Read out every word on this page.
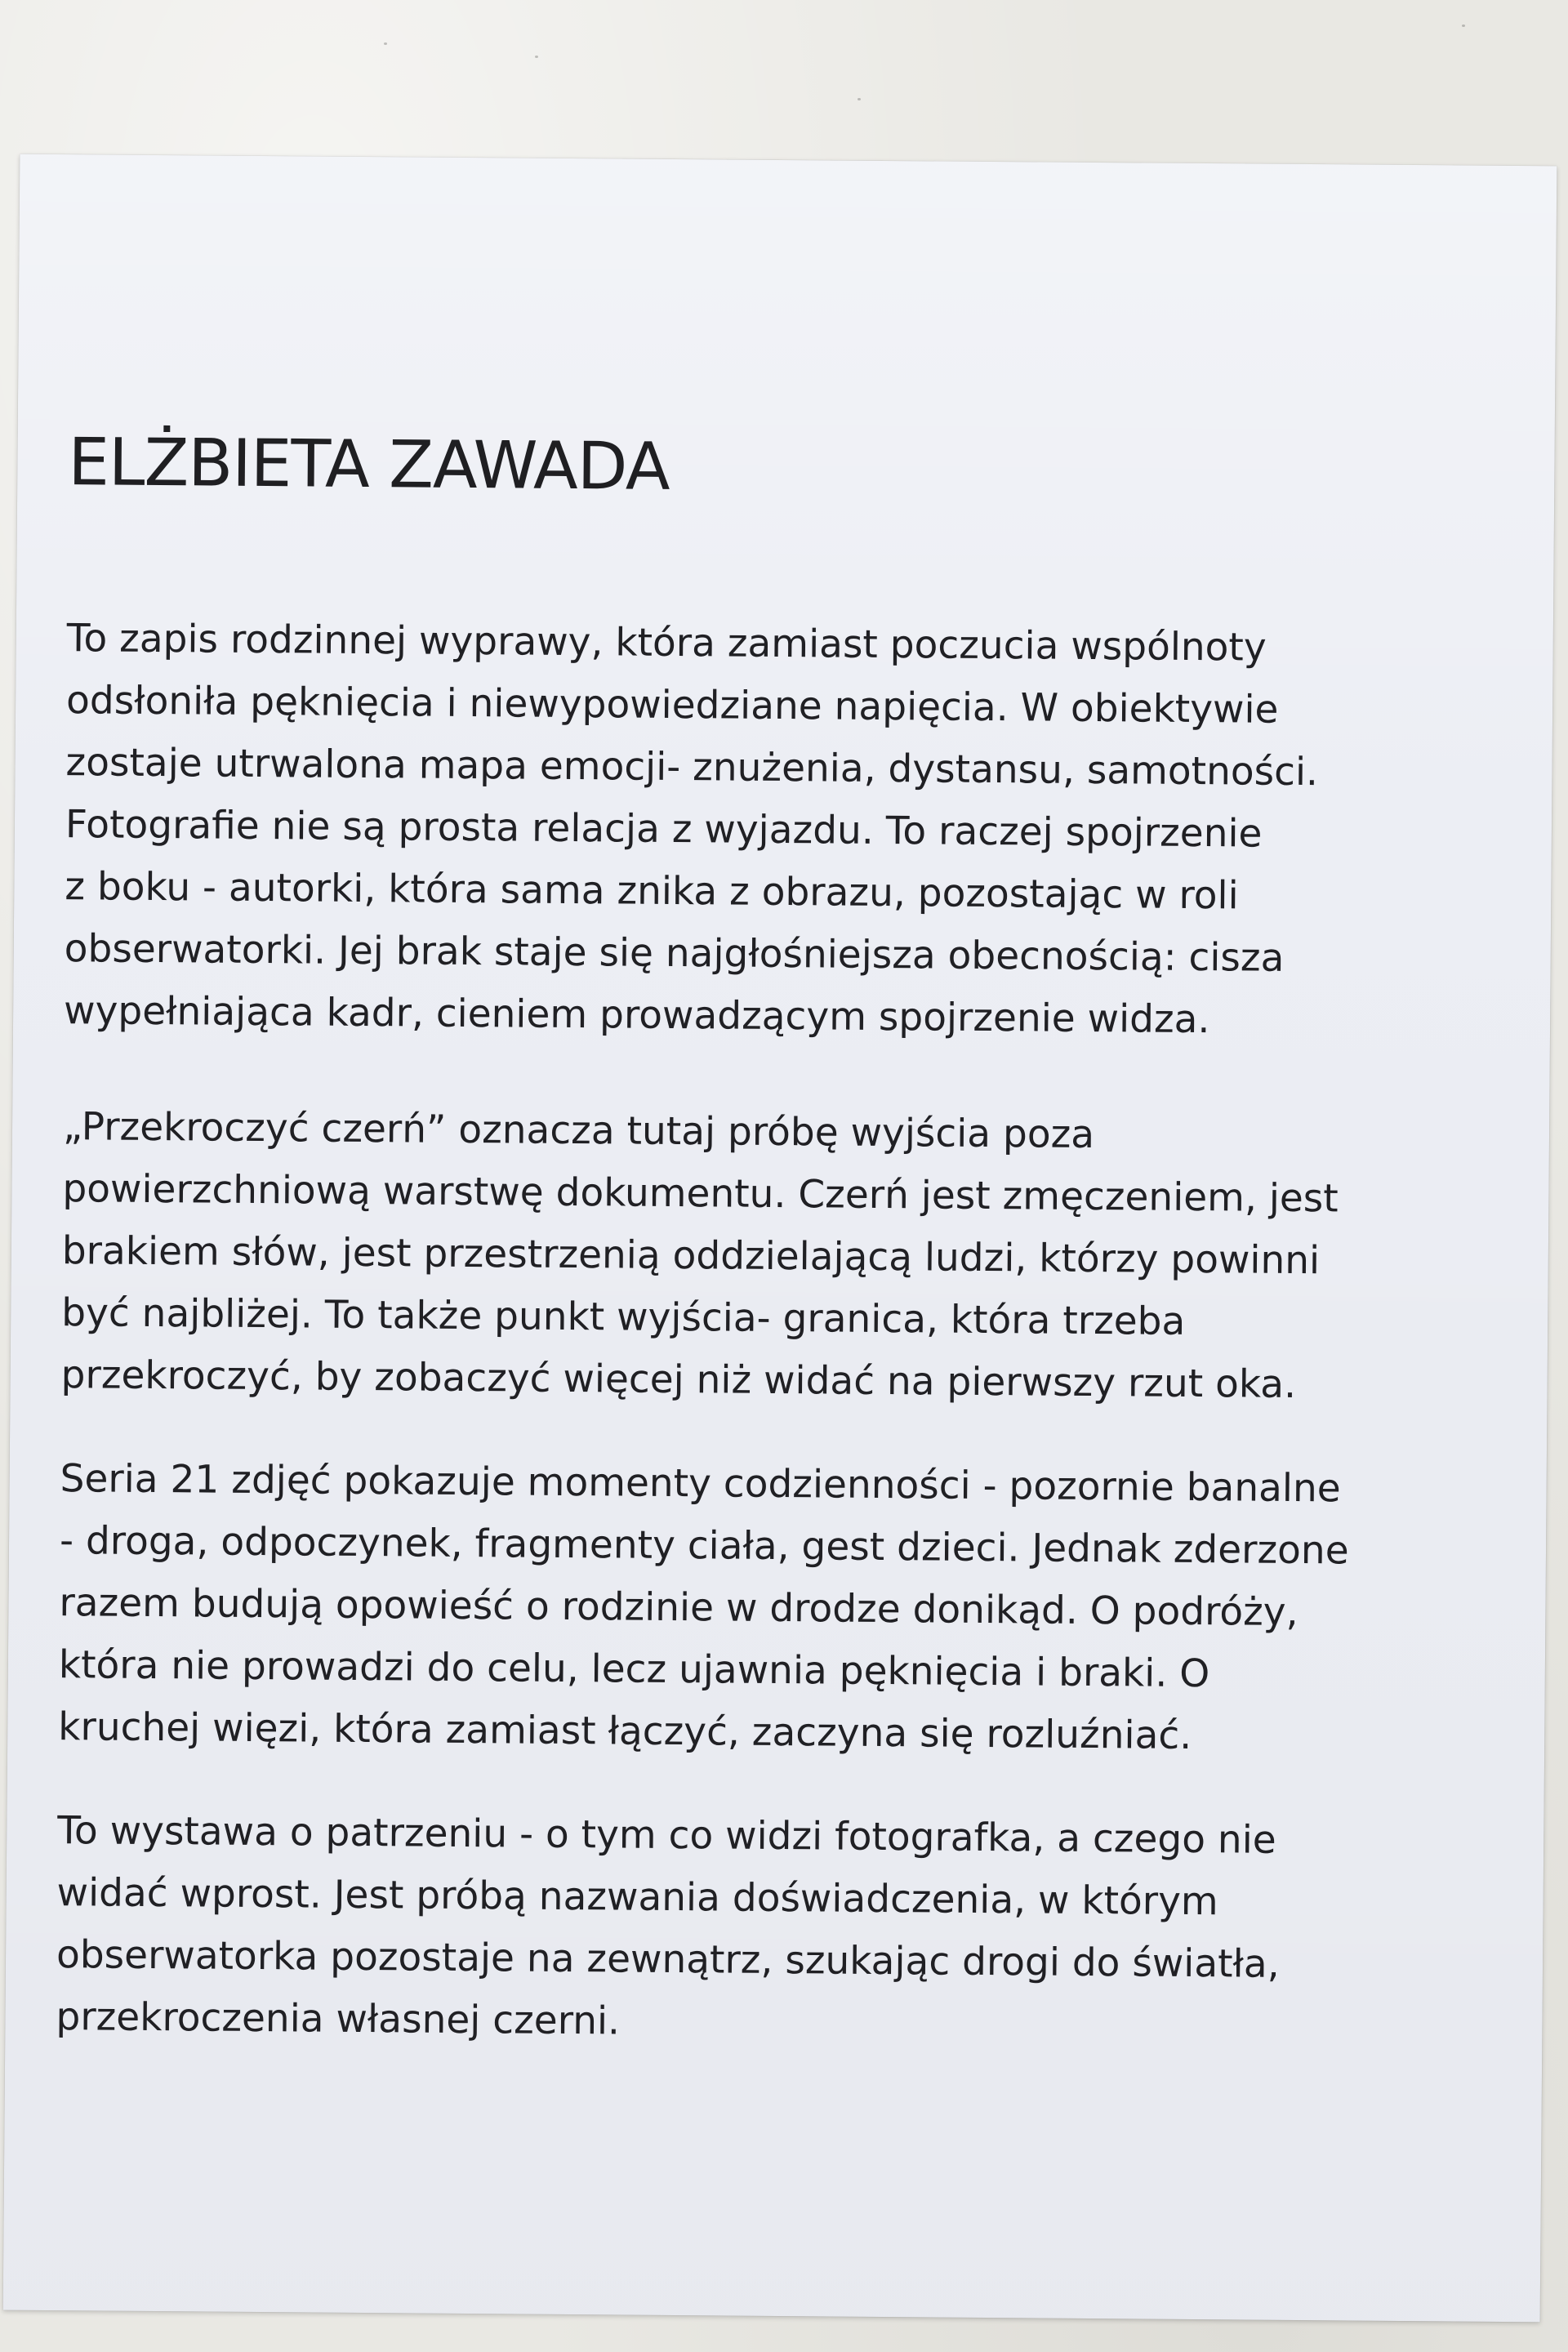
ELŻBIETA ZAWADA

To zapis rodzinnej wyprawy, która zamiast poczucia wspólnoty
odsłoniła pęknięcia i niewypowiedziane napięcia. W obiektywie
zostaje utrwalona mapa emocji- znużenia, dystansu, samotności.
Fotografie nie są prosta relacja z wyjazdu. To raczej spojrzenie
z boku - autorki, która sama znika z obrazu, pozostając w roli
obserwatorki. Jej brak staje się najgłośniejsza obecnością: cisza
wypełniająca kadr, cieniem prowadzącym spojrzenie widza.

„Przekroczyć czerń” oznacza tutaj próbę wyjścia poza
powierzchniową warstwę dokumentu. Czerń jest zmęczeniem, jest
brakiem słów, jest przestrzenią oddzielającą ludzi, którzy powinni
być najbliżej. To także punkt wyjścia- granica, która trzeba
przekroczyć, by zobaczyć więcej niż widać na pierwszy rzut oka.

Seria 21 zdjęć pokazuje momenty codzienności - pozornie banalne
- droga, odpoczynek, fragmenty ciała, gest dzieci. Jednak zderzone
razem budują opowieść o rodzinie w drodze donikąd. O podróży,
która nie prowadzi do celu, lecz ujawnia pęknięcia i braki. O
kruchej więzi, która zamiast łączyć, zaczyna się rozluźniać.

To wystawa o patrzeniu - o tym co widzi fotografka, a czego nie
widać wprost. Jest próbą nazwania doświadczenia, w którym
obserwatorka pozostaje na zewnątrz, szukając drogi do światła,
przekroczenia własnej czerni.
